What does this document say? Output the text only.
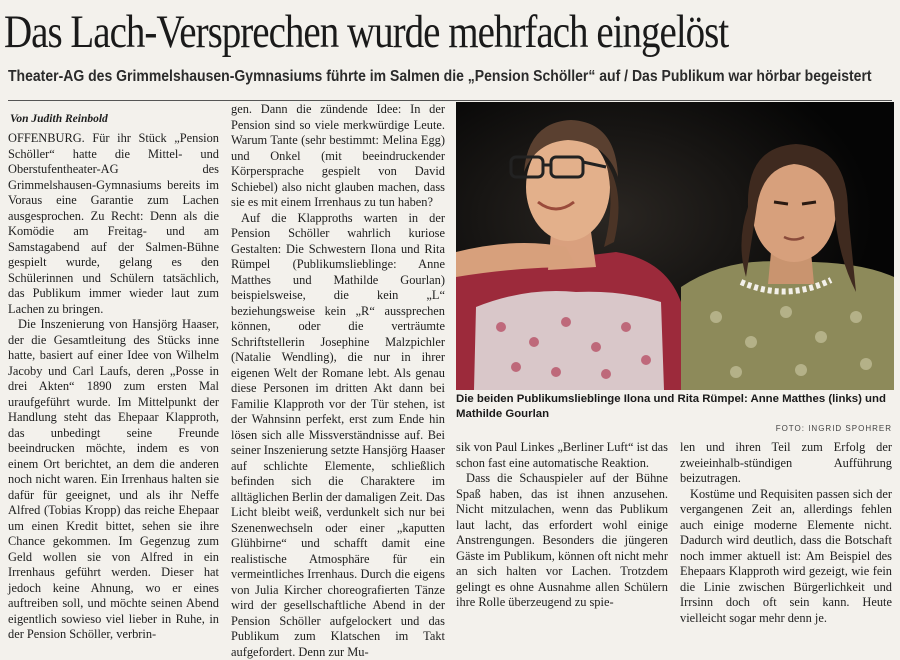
Das Lach-Versprechen wurde mehrfach eingelöst
Theater-AG des Grimmelshausen-Gymnasiums führte im Salmen die „Pension Schöller“ auf / Das Publikum war hörbar begeistert
Von Judith Reinbold

OFFENBURG. Für ihr Stück „Pension Schöller“ hatte die Mittel- und Oberstufentheater-AG des Grimmelshausen-Gymnasiums bereits im Voraus eine Garantie zum Lachen ausgesprochen. Zu Recht: Denn als die Komödie am Freitag- und am Samstagabend auf der Salmen-Bühne gespielt wurde, gelang es den Schülerinnen und Schülern tatsächlich, das Publikum immer wieder laut zum Lachen zu bringen.

Die Inszenierung von Hansjörg Haaser, der die Gesamtleitung des Stücks inne hatte, basiert auf einer Idee von Wilhelm Jacoby und Carl Laufs, deren „Posse in drei Akten“ 1890 zum ersten Mal uraufgeführt wurde. Im Mittelpunkt der Handlung steht das Ehepaar Klapproth, das unbedingt seine Freunde beeindrucken möchte, indem es von einem Ort berichtet, an dem die anderen noch nicht waren. Ein Irrenhaus halten sie dafür für geeignet, und als ihr Neffe Alfred (Tobias Kropp) das reiche Ehepaar um einen Kredit bittet, sehen sie ihre Chance gekommen. Im Gegenzug zum Geld wollen sie von Alfred in ein Irrenhaus geführt werden. Dieser hat jedoch keine Ahnung, wo er eines auftreiben soll, und möchte seinen Abend eigentlich sowieso viel lieber in Ruhe, in der Pension Schöller, verbrin-

gen. Dann die zündende Idee: In der Pension sind so viele merkwürdige Leute. Warum Tante (sehr bestimmt: Melina Egg) und Onkel (mit beeindruckender Körpersprache gespielt von David Schiebel) also nicht glauben machen, dass sie es mit einem Irrenhaus zu tun haben?

Auf die Klapproths warten in der Pension Schöller wahrlich kuriose Gestalten: Die Schwestern Ilona und Rita Rümpel (Publikumslieblinge: Anne Matthes und Mathilde Gourlan) beispielsweise, die kein „L“ beziehungsweise kein „R“ aussprechen können, oder die verträumte Schriftstellerin Josephine Malzpichler (Natalie Wendling), die nur in ihrer eigenen Welt der Romane lebt. Als genau diese Personen im dritten Akt dann bei Familie Klapproth vor der Tür stehen, ist der Wahnsinn perfekt, erst zum Ende hin lösen sich alle Missverständnisse auf. Bei seiner Inszenierung setzte Hansjörg Haaser auf schlichte Elemente, schließlich befinden sich die Charaktere im alltäglichen Berlin der damaligen Zeit. Das Licht bleibt weiß, verdunkelt sich nur bei Szenenwechseln oder einer „kaputten Glühbirne“ und schafft damit eine realistische Atmosphäre für ein vermeintliches Irrenhaus. Durch die eigens von Julia Kircher choreografierten Tänze wird der gesellschaftliche Abend in der Pension Schöller aufgelockert und das Publikum zum Klatschen im Takt aufgefordert. Denn zur Mu-

Die beiden Publikumslieblinge Ilona und Rita Rümpel: Anne Matthes (links) und Mathilde Gourlan
FOTO: INGRID SPOHRER

sik von Paul Linkes „Berliner Luft“ ist das schon fast eine automatische Reaktion.

Dass die Schauspieler auf der Bühne Spaß haben, das ist ihnen anzusehen. Nicht mitzulachen, wenn das Publikum laut lacht, das erfordert wohl einige Anstrengungen. Besonders die jüngeren Gäste im Publikum, können oft nicht mehr an sich halten vor Lachen. Trotzdem gelingt es ohne Ausnahme allen Schülern ihre Rolle überzeugend zu spie-

len und ihren Teil zum Erfolg der zweieinhalb-stündigen Aufführung beizutragen.

Kostüme und Requisiten passen sich der vergangenen Zeit an, allerdings fehlen auch einige moderne Elemente nicht. Dadurch wird deutlich, dass die Botschaft noch immer aktuell ist: Am Beispiel des Ehepaars Klapproth wird gezeigt, wie fein die Linie zwischen Bürgerlichkeit und Irrsinn doch oft sein kann. Heute vielleicht sogar mehr denn je.
